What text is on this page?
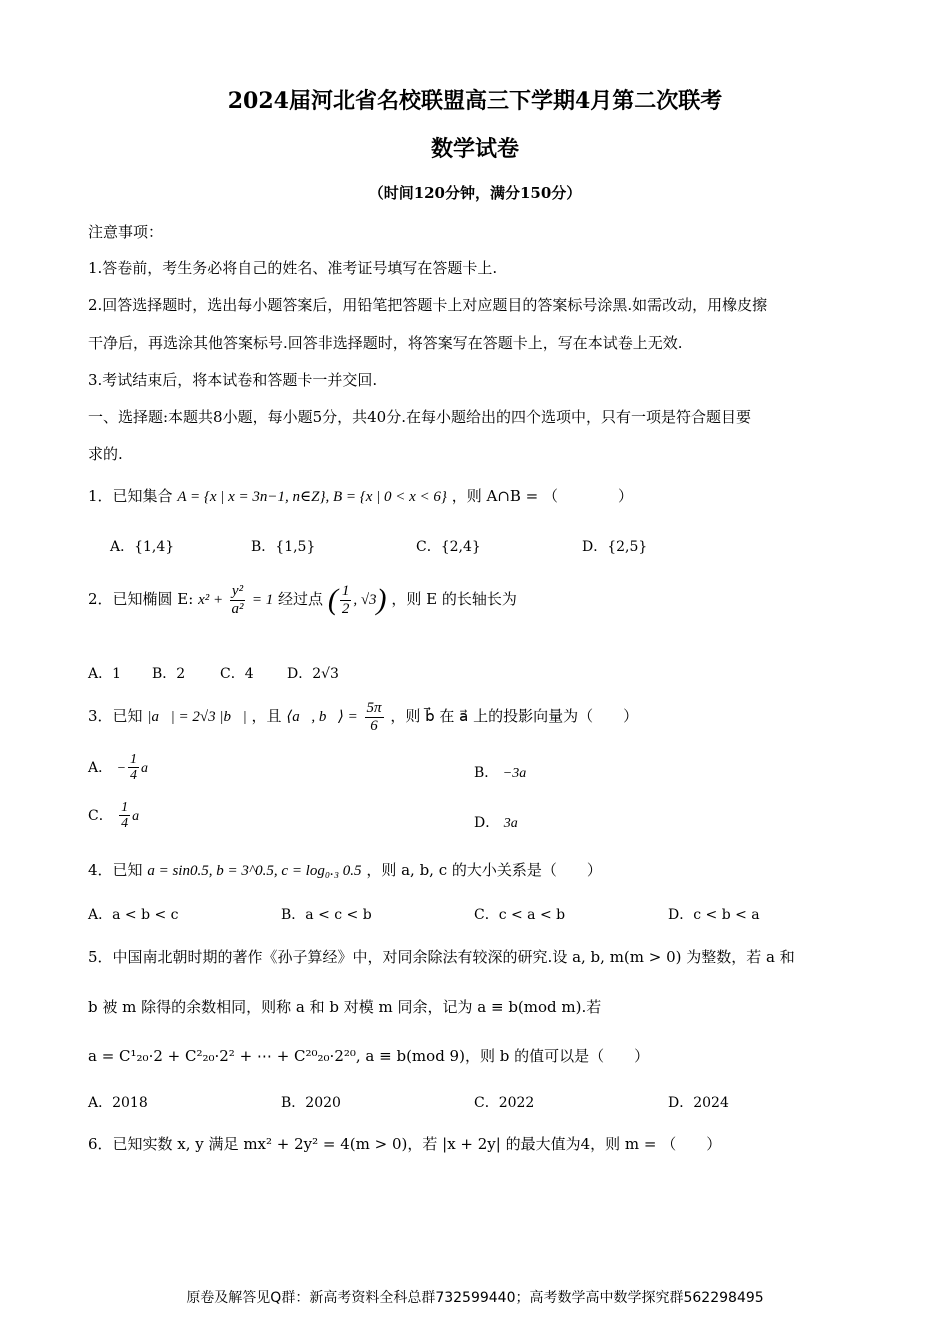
2024届河北省名校联盟高三下学期4月第二次联考
数学试卷
（时间120分钟，满分150分）
注意事项：
1.答卷前，考生务必将自己的姓名、准考证号填写在答题卡上.
2.回答选择题时，选出每小题答案后，用铅笔把答题卡上对应题目的答案标号涂黑.如需改动，用橡皮擦
干净后，再选涂其他答案标号.回答非选择题时，将答案写在答题卡上，写在本试卷上无效.
3.考试结束后，将本试卷和答题卡一并交回.
一、选择题:本题共8小题，每小题5分，共40分.在每小题给出的四个选项中，只有一项是符合题目要
求的.
1．已知集合 A = {x | x = 3n−1, n∈Z}, B = {x | 0 < x < 6} ，则 A∩B = （　　　　）
A．{1,4}	B．{1,5}	C．{2,4}	D．{2,5}
2．已知椭圆 E: $x^2 + \frac{\text{y²}}{\text{a²}} = 1$ 经过点 ( $\frac{1}{2}$ , √3) ，则 E 的长轴长为
A．1 B．2 C．4 D．2√3
3．已知 |a⃗| = 2√3 |b⃗| ，且 ⟨a⃗, b⃗⟩ = $\frac{5\pi}{6}$ ，则 b⃗ 在 a⃗ 上的投影向量为（　　）
A． − $\frac{1}{4}$ a⃗	B． −3a⃗
C． $\frac{1}{4}$ a⃗	D． 3a⃗
4．已知 a = sin0.5, b = 3^0.5, c = log₀.₃ 0.5 ，则 a, b, c 的大小关系是（　　）
A．a < b < c	B．a < c < b	C．c < a < b	D．c < b < a
5．中国南北朝时期的著作《孙子算经》中，对同余除法有较深的研究.设 a, b, m(m > 0) 为整数，若 a 和
b 被 m 除得的余数相同，则称 a 和 b 对模 m 同余，记为 a ≡ b(mod m).若
a = C¹₂₀·2 + C²₂₀·2² + ⋯ + C²⁰₂₀·2²⁰, a ≡ b(mod 9)，则 b 的值可以是（　　）
A．2018	B．2020	C．2022	D．2024
6．已知实数 x, y 满足 mx² + 2y² = 4(m > 0)，若 |x + 2y| 的最大值为4，则 m = （　　）
原卷及解答见Q群：新高考资料全科总群732599440；高考数学高中数学探究群562298495
